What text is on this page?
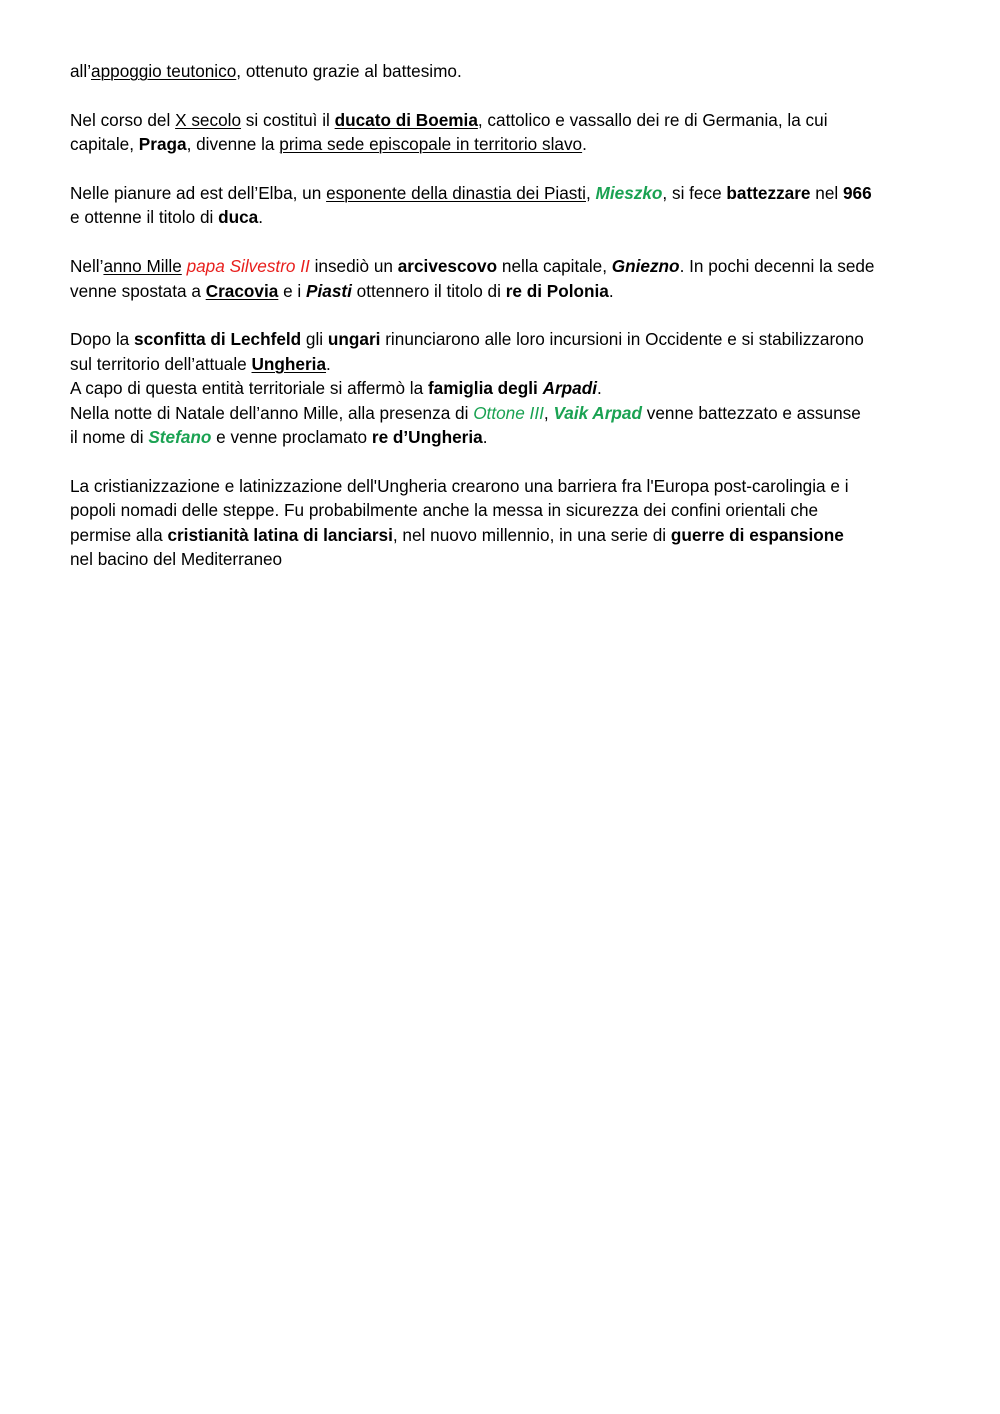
all’appoggio teutonico, ottenuto grazie al battesimo.

Nel corso del X secolo si costituì il ducato di Boemia, cattolico e vassallo dei re di Germania, la cui
capitale, Praga, divenne la prima sede episcopale in territorio slavo.

Nelle pianure ad est dell’Elba, un esponente della dinastia dei Piasti, Mieszko, si fece battezzare nel 966
e ottenne il titolo di duca.

Nell’anno Mille papa Silvestro II insediò un arcivescovo nella capitale, Gniezno. In pochi decenni la sede
venne spostata a Cracovia e i Piasti ottennero il titolo di re di Polonia.

Dopo la sconfitta di Lechfeld gli ungari rinunciarono alle loro incursioni in Occidente e si stabilizzarono
sul territorio dell’attuale Ungheria.
A capo di questa entità territoriale si affermò la famiglia degli Arpadi.
Nella notte di Natale dell’anno Mille, alla presenza di Ottone III, Vaik Arpad venne battezzato e assunse
il nome di Stefano e venne proclamato re d’Ungheria.

La cristianizzazione e latinizzazione dell'Ungheria crearono una barriera fra l'Europa post-carolingia e i
popoli nomadi delle steppe. Fu probabilmente anche la messa in sicurezza dei confini orientali che
permise alla cristianità latina di lanciarsi, nel nuovo millennio, in una serie di guerre di espansione
nel bacino del Mediterraneo
